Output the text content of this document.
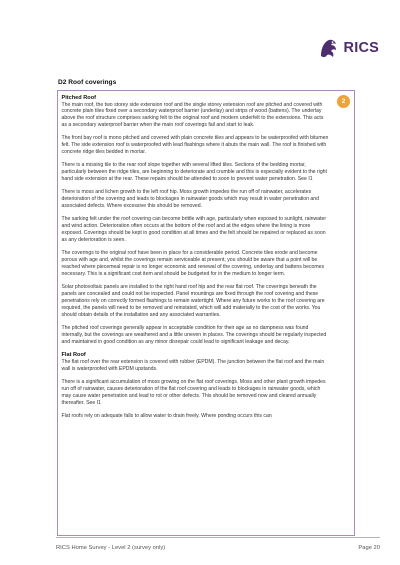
RICS
D2 Roof coverings
2
Pitched Roof

The main roof, the two storey side extension roof and the single storey extension roof are pitched and covered with concrete plain tiles fixed over a secondary waterproof barrier (underlay) and strips of wood (battens). The underlay above the roof structure comprises sarking felt to the original roof and modern underfelt to the extensions. This acts as a secondary waterproof barrier when the main roof coverings fail and start to leak.

The front bay roof is mono pitched and covered with plain concrete tiles and appears to be waterproofed with bitumen felt. The side extension roof is waterproofed with lead flashings where it abuts the main wall. The roof is finished with concrete ridge tiles bedded in mortar.

There is a missing tile to the rear roof slope together with several lifted tiles. Sections of the bedding mortar, particularly between the ridge tiles, are beginning to deteriorate and crumble and this is especially evident to the right hand side extension at the rear. These repairs should be attended to soon to prevent water penetration. See I1

There is moss and lichen growth to the left roof hip. Moss growth impedes the run off of rainwater, accelerates deterioration of the covering and leads to blockages in rainwater goods which may result in water penetration and associated defects. Where excessive this should be removed.

The sarking felt under the roof covering can become brittle with age, particularly when exposed to sunlight, rainwater and wind action. Deterioration often occurs at the bottom of the roof and at the edges where the lining is more exposed. Coverings should be kept in good condition at all times and the felt should be repaired or replaced as soon as any deterioration is seen.

The coverings to the original roof have been in place for a considerable period. Concrete tiles erode and become porous with age and, whilst the coverings remain serviceable at present, you should be aware that a point will be reached where piecemeal repair is no longer economic and renewal of the covering, underlay and battens becomes necessary. This is a significant cost item and should be budgeted for in the medium to longer term.

Solar photovoltaic panels are installed to the right hand roof hip and the rear flat roof. The coverings beneath the panels are concealed and could not be inspected. Panel mountings are fixed through the roof covering and these penetrations rely on correctly formed flashings to remain watertight. Where any future works to the roof covering are required, the panels will need to be removed and reinstated, which will add materially to the cost of the works. You should obtain details of the installation and any associated warranties.

The pitched roof coverings generally appear in acceptable condition for their age as no dampness was found internally, but the coverings are weathered and a little uneven in places. The coverings should be regularly inspected and maintained in good condition as any minor disrepair could lead to significant leakage and decay.

Flat Roof

The flat roof over the rear extension is covered with rubber (EPDM). The junction between the flat roof and the main wall is waterproofed with EPDM upstands.

There is a significant accumulation of moss growing on the flat roof coverings. Moss and other plant growth impedes run off of rainwater, causes deterioration of the flat roof covering and leads to blockages in rainwater goods, which may cause water penetration and lead to rot or other defects. This should be removed now and cleared annually thereafter. See I1

Flat roofs rely on adequate falls to allow water to drain freely. Where ponding occurs this can

RICS Home Survey - Level 2 (survey only)	Page 20
